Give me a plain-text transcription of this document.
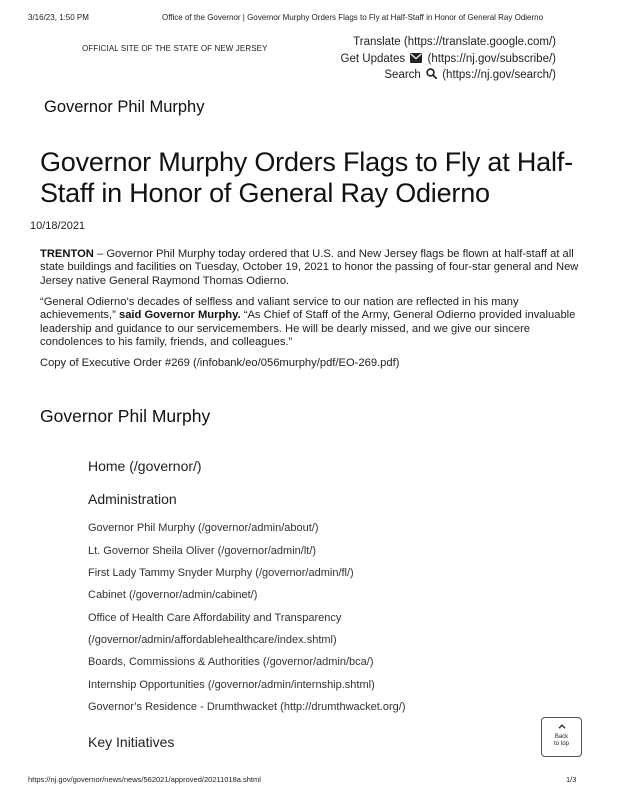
3/16/23, 1:50 PM	Office of the Governor | Governor Murphy Orders Flags to Fly at Half-Staff in Honor of General Ray Odierno
OFFICIAL SITE OF THE STATE OF NEW JERSEY
Translate (https://translate.google.com/)
Get Updates (https://nj.gov/subscribe/)
Search (https://nj.gov/search/)
Governor Phil Murphy
Governor Murphy Orders Flags to Fly at Half-Staff in Honor of General Ray Odierno
10/18/2021

TRENTON – Governor Phil Murphy today ordered that U.S. and New Jersey flags be flown at half-staff at all state buildings and facilities on Tuesday, October 19, 2021 to honor the passing of four-star general and New Jersey native General Raymond Thomas Odierno.

“General Odierno’s decades of selfless and valiant service to our nation are reflected in his many achievements,” said Governor Murphy. “As Chief of Staff of the Army, General Odierno provided invaluable leadership and guidance to our servicemembers. He will be dearly missed, and we give our sincere condolences to his family, friends, and colleagues.”

Copy of Executive Order #269 (/infobank/eo/056murphy/pdf/EO-269.pdf)

Governor Phil Murphy
Home (/governor/)
Administration
Governor Phil Murphy (/governor/admin/about/)
Lt. Governor Sheila Oliver (/governor/admin/lt/)
First Lady Tammy Snyder Murphy (/governor/admin/fl/)
Cabinet (/governor/admin/cabinet/)
Office of Health Care Affordability and Transparency
(/governor/admin/affordablehealthcare/index.shtml)
Boards, Commissions & Authorities (/governor/admin/bca/)
Internship Opportunities (/governor/admin/internship.shtml)
Governor’s Residence - Drumthwacket (http://drumthwacket.org/)
Key Initiatives	Back
to top
https://nj.gov/governor/news/news/562021/approved/20211018a.shtml	1/3
